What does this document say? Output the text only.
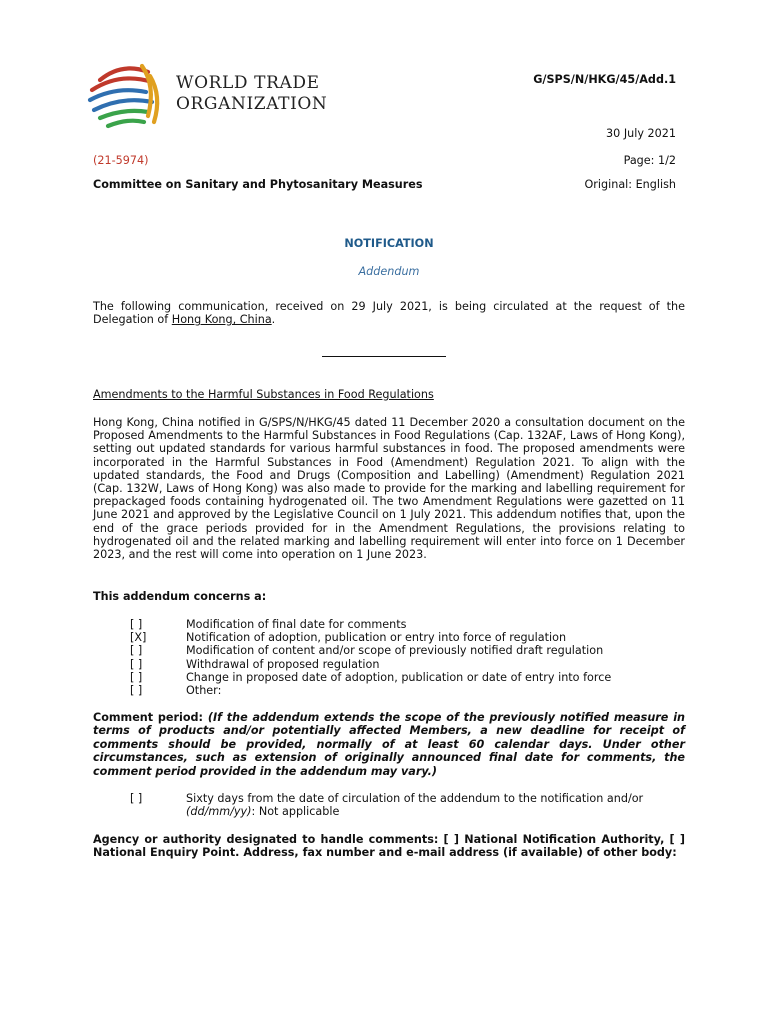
WORLD TRADE
ORGANIZATION
G/SPS/N/HKG/45/Add.1
30 July 2021
(21-5974)	Page: 1/2
Committee on Sanitary and Phytosanitary Measures	Original: English
NOTIFICATION
Addendum
The following communication, received on 29 July 2021, is being circulated at the request of the Delegation of Hong Kong, China.
Amendments to the Harmful Substances in Food Regulations
Hong Kong, China notified in G/SPS/N/HKG/45 dated 11 December 2020 a consultation document on the Proposed Amendments to the Harmful Substances in Food Regulations (Cap. 132AF, Laws of Hong Kong), setting out updated standards for various harmful substances in food. The proposed amendments were incorporated in the Harmful Substances in Food (Amendment) Regulation 2021. To align with the updated standards, the Food and Drugs (Composition and Labelling) (Amendment) Regulation 2021 (Cap. 132W, Laws of Hong Kong) was also made to provide for the marking and labelling requirement for prepackaged foods containing hydrogenated oil. The two Amendment Regulations were gazetted on 11 June 2021 and approved by the Legislative Council on 1 July 2021. This addendum notifies that, upon the end of the grace periods provided for in the Amendment Regulations, the provisions relating to hydrogenated oil and the related marking and labelling requirement will enter into force on 1 December 2023, and the rest will come into operation on 1 June 2023.
This addendum concerns a:
[ ]	Modification of final date for comments
[X]	Notification of adoption, publication or entry into force of regulation
[ ]	Modification of content and/or scope of previously notified draft regulation
[ ]	Withdrawal of proposed regulation
[ ]	Change in proposed date of adoption, publication or date of entry into force
[ ]	Other:
Comment period: (If the addendum extends the scope of the previously notified measure in terms of products and/or potentially affected Members, a new deadline for receipt of comments should be provided, normally of at least 60 calendar days. Under other circumstances, such as extension of originally announced final date for comments, the comment period provided in the addendum may vary.)
[ ]	Sixty days from the date of circulation of the addendum to the notification and/or
(dd/mm/yy): Not applicable
Agency or authority designated to handle comments: [ ] National Notification Authority, [ ] National Enquiry Point. Address, fax number and e-mail address (if available) of other body:
